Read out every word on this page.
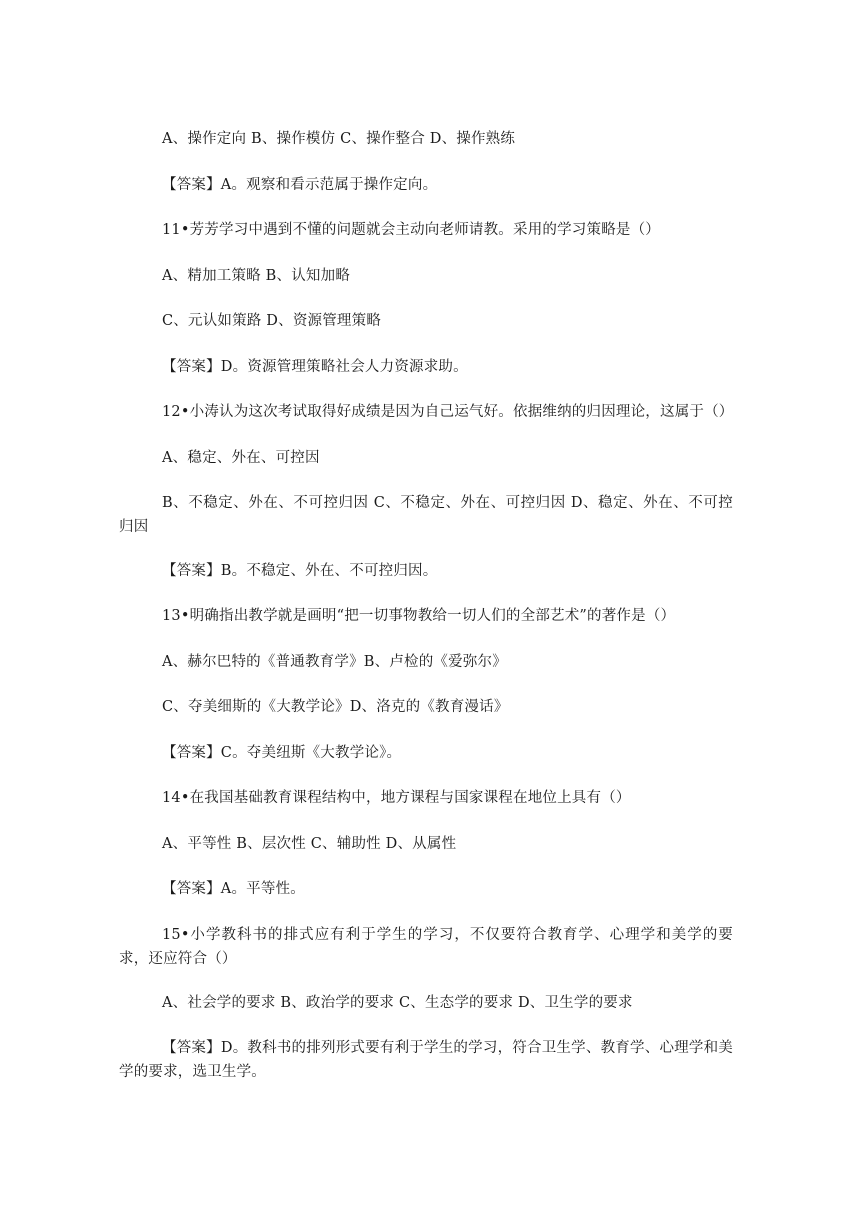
A、操作定向 B、操作模仿 C、操作整合 D、操作熟练
【答案】A。观察和看示范属于操作定向。
11•芳芳学习中遇到不懂的问题就会主动向老师请教。采用的学习策略是（）
A、精加工策略 B、认知加略
C、元认如策路 D、资源管理策略
【答案】D。资源管理策略社会人力资源求助。
12•小涛认为这次考试取得好成绩是因为自己运气好。依据维纳的归因理论，这属于（）
A、稳定、外在、可控因
B、不稳定、外在、不可控归因 C、不稳定、外在、可控归因 D、稳定、外在、不可控归因
【答案】B。不稳定、外在、不可控归因。
13•明确指出教学就是画明“把一切事物教给一切人们的全部艺术”的著作是（）
A、赫尔巴特的《普通教育学》B、卢检的《爱弥尔》
C、夺美细斯的《大教学论》D、洛克的《教育漫话》
【答案】C。夺美纽斯《大教学论》。
14•在我国基础教育课程结构中，地方课程与国家课程在地位上具有（）
A、平等性 B、层次性 C、辅助性 D、从属性
【答案】A。平等性。
15•小学教科书的排式应有利于学生的学习，不仅要符合教育学、心理学和美学的要求，还应符合（）
A、社会学的要求 B、政治学的要求 C、生态学的要求 D、卫生学的要求
【答案】D。教科书的排列形式要有利于学生的学习，符合卫生学、教育学、心理学和美学的要求，选卫生学。
